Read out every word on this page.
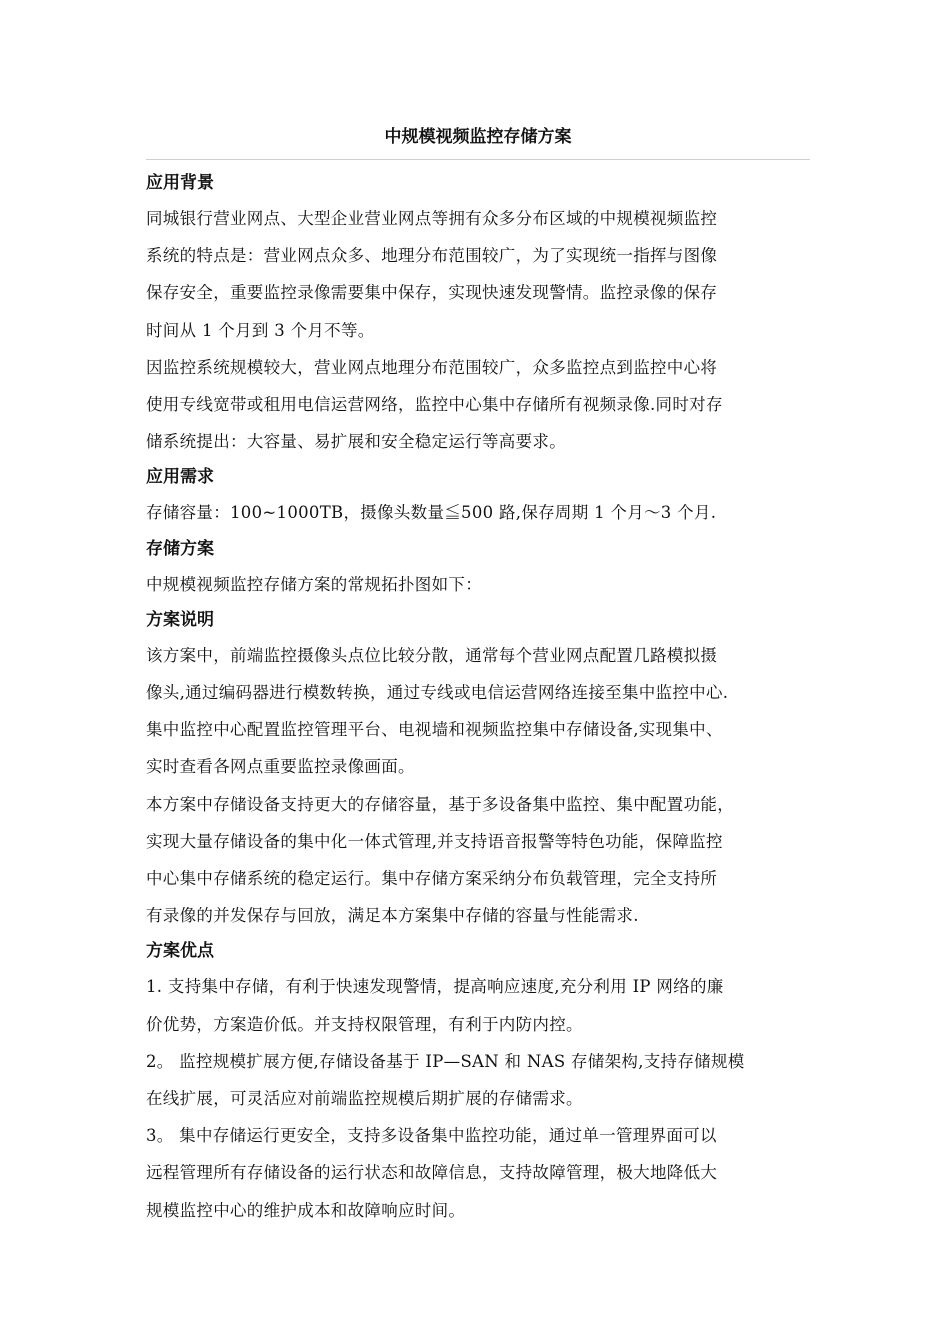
中规模视频监控存储方案
应用背景
同城银行营业网点、大型企业营业网点等拥有众多分布区域的中规模视频监控
系统的特点是：营业网点众多、地理分布范围较广，为了实现统一指挥与图像
保存安全，重要监控录像需要集中保存，实现快速发现警情。监控录像的保存
时间从 1 个月到 3 个月不等。
因监控系统规模较大，营业网点地理分布范围较广，众多监控点到监控中心将
使用专线宽带或租用电信运营网络，监控中心集中存储所有视频录像.同时对存
储系统提出：大容量、易扩展和安全稳定运行等高要求。
应用需求
存储容量：100~1000TB，摄像头数量≦500 路,保存周期 1 个月～3 个月.
存储方案
中规模视频监控存储方案的常规拓扑图如下：
方案说明
该方案中，前端监控摄像头点位比较分散，通常每个营业网点配置几路模拟摄
像头,通过编码器进行模数转换，通过专线或电信运营网络连接至集中监控中心.
集中监控中心配置监控管理平台、电视墙和视频监控集中存储设备,实现集中、
实时查看各网点重要监控录像画面。
本方案中存储设备支持更大的存储容量，基于多设备集中监控、集中配置功能，
实现大量存储设备的集中化一体式管理,并支持语音报警等特色功能，保障监控
中心集中存储系统的稳定运行。集中存储方案采纳分布负载管理，完全支持所
有录像的并发保存与回放，满足本方案集中存储的容量与性能需求.
方案优点
1. 支持集中存储，有利于快速发现警情，提高响应速度,充分利用 IP 网络的廉
价优势，方案造价低。并支持权限管理，有利于内防内控。
2。 监控规模扩展方便,存储设备基于 IP—SAN 和 NAS 存储架构,支持存储规模
在线扩展，可灵活应对前端监控规模后期扩展的存储需求。
3。 集中存储运行更安全，支持多设备集中监控功能，通过单一管理界面可以
远程管理所有存储设备的运行状态和故障信息，支持故障管理，极大地降低大
规模监控中心的维护成本和故障响应时间。
